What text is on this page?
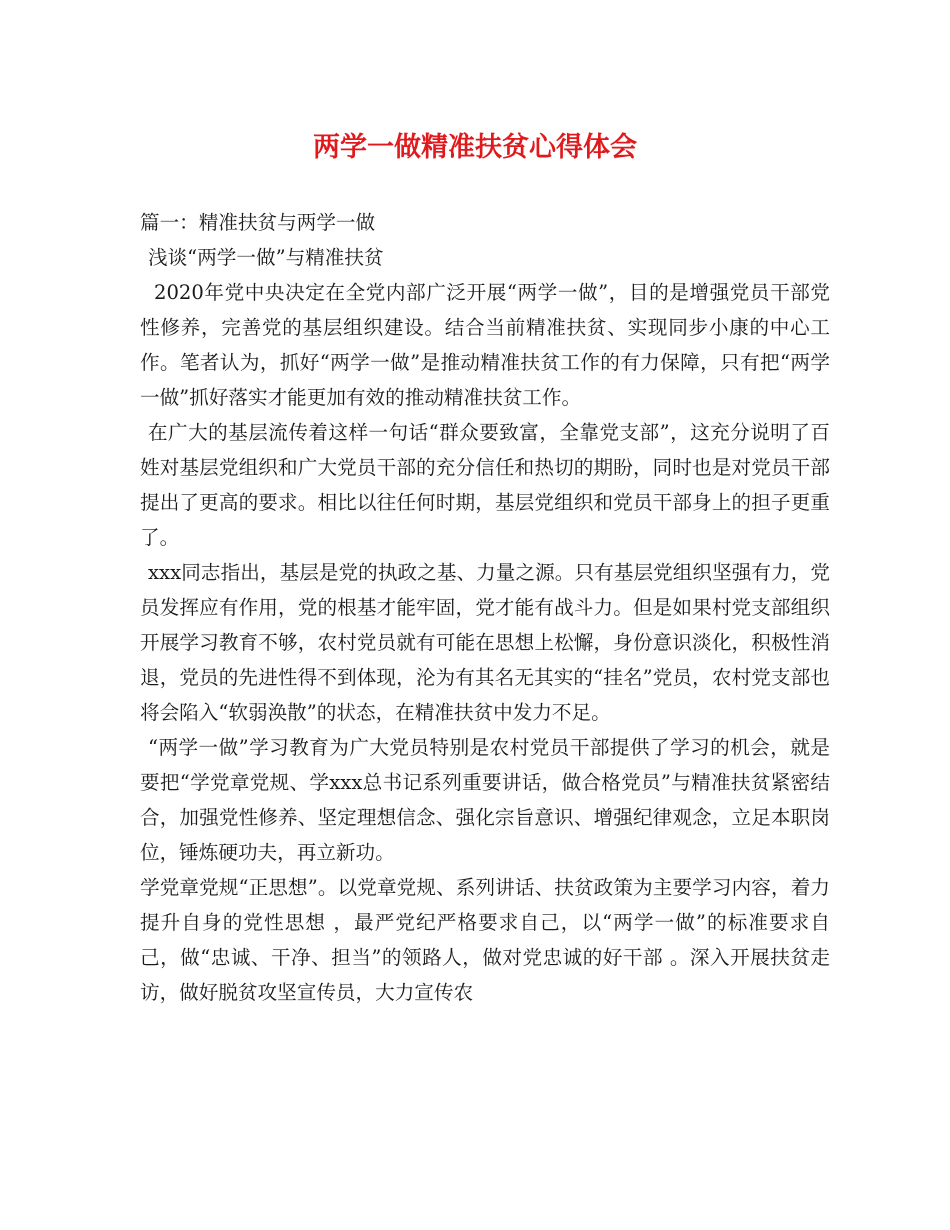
两学一做精准扶贫心得体会

篇一：精准扶贫与两学一做

浅谈“两学一做”与精准扶贫

2020年党中央决定在全党内部广泛开展“两学一做”，目的是增强党员干部党性修养，完善党的基层组织建设。结合当前精准扶贫、实现同步小康的中心工作。笔者认为，抓好“两学一做”是推动精准扶贫工作的有力保障，只有把“两学一做”抓好落实才能更加有效的推动精准扶贫工作。

在广大的基层流传着这样一句话“群众要致富，全靠党支部”，这充分说明了百姓对基层党组织和广大党员干部的充分信任和热切的期盼，同时也是对党员干部提出了更高的要求。相比以往任何时期，基层党组织和党员干部身上的担子更重了。

xxx同志指出，基层是党的执政之基、力量之源。只有基层党组织坚强有力，党员发挥应有作用，党的根基才能牢固，党才能有战斗力。但是如果村党支部组织开展学习教育不够，农村党员就有可能在思想上松懈，身份意识淡化，积极性消退，党员的先进性得不到体现，沦为有其名无其实的“挂名”党员，农村党支部也将会陷入“软弱涣散”的状态，在精准扶贫中发力不足。

“两学一做”学习教育为广大党员特别是农村党员干部提供了学习的机会，就是要把“学党章党规、学xxx总书记系列重要讲话，做合格党员”与精准扶贫紧密结合，加强党性修养、坚定理想信念、强化宗旨意识、增强纪律观念，立足本职岗位，锤炼硬功夫，再立新功。

学党章党规“正思想”。以党章党规、系列讲话、扶贫政策为主要学习内容，着力提升自身的党性思想 ，最严党纪严格要求自己，以“两学一做”的标准要求自己，做“忠诚、干净、担当”的领路人，做对党忠诚的好干部 。深入开展扶贫走访，做好脱贫攻坚宣传员，大力宣传农
